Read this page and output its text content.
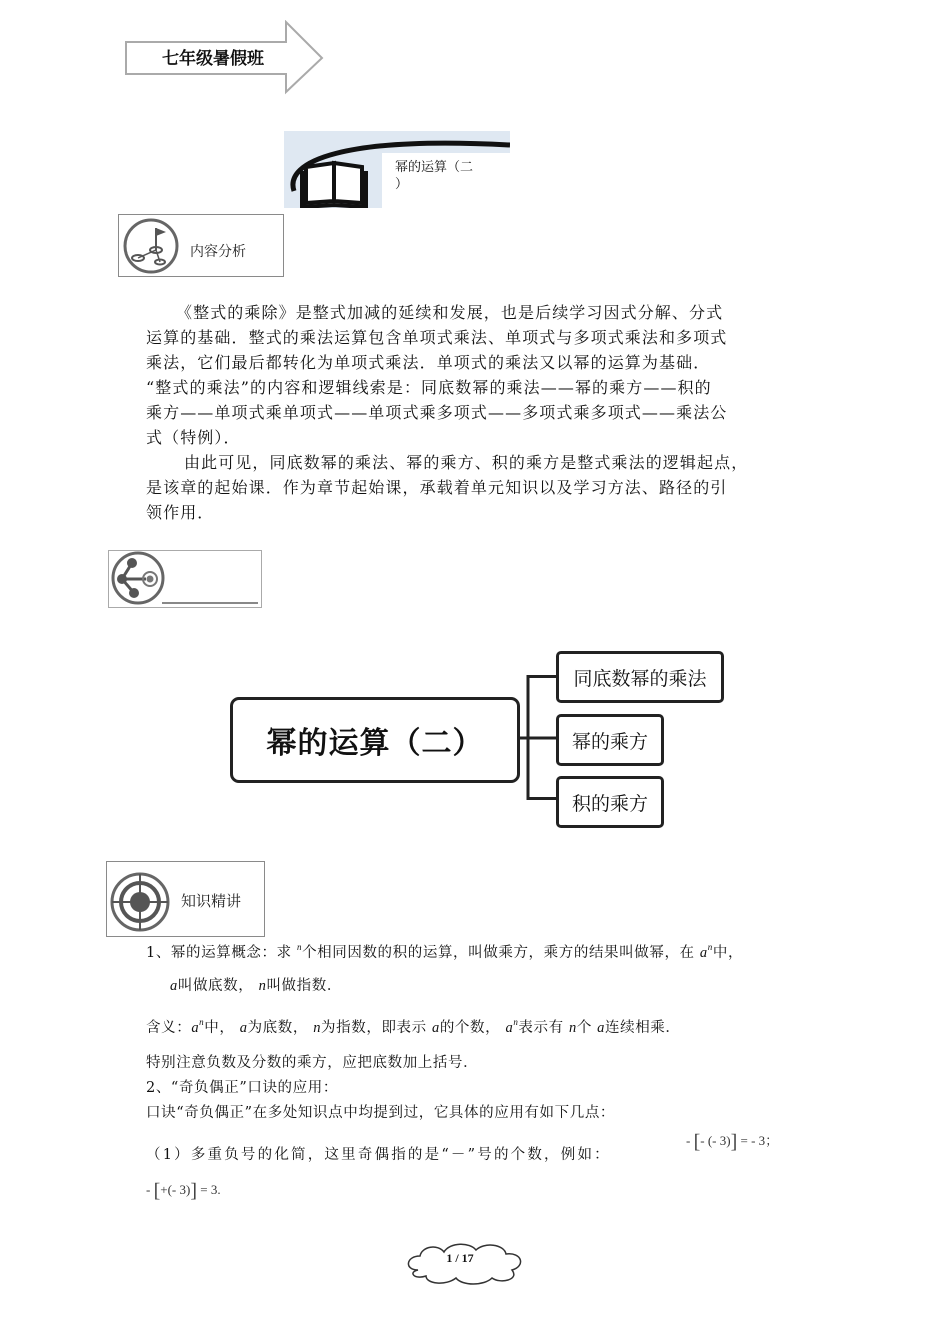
七年级暑假班
幂的运算（二
）
内容分析
《整式的乘除》是整式加减的延续和发展，也是后续学习因式分解、分式
运算的基础．整式的乘法运算包含单项式乘法、单项式与多项式乘法和多项式
乘法，它们最后都转化为单项式乘法．单项式的乘法又以幂的运算为基础．
“整式的乘法”的内容和逻辑线索是：同底数幂的乘法——幂的乘方——积的
乘方——单项式乘单项式——单项式乘多项式——多项式乘多项式——乘法公
式（特例）．
由此可见，同底数幂的乘法、幂的乘方、积的乘方是整式乘法的逻辑起点，
是该章的起始课．作为章节起始课，承载着单元知识以及学习方法、路径的引
领作用．
幂的运算（二）
同底数幂的乘法
幂的乘方
积的乘方
知识精讲
1、幂的运算概念：求 $^n$个相同因数的积的运算，叫做乘方，乘方的结果叫做幂，在 $a^n$中，
a叫做底数， n叫做指数．
含义：$a^n$中， a为底数， n为指数，即表示 a的个数， $a^n$表示有 n个 a连续相乘．
特别注意负数及分数的乘方，应把底数加上括号．
2、“奇负偶正”口诀的应用：
口诀“奇负偶正”在多处知识点中均提到过，它具体的应用有如下几点：
（1）多重负号的化简，这里奇偶指的是“－”号的个数，例如：
- [- (- 3)] = - 3；
- [+(- 3)] = 3.
1 / 17
